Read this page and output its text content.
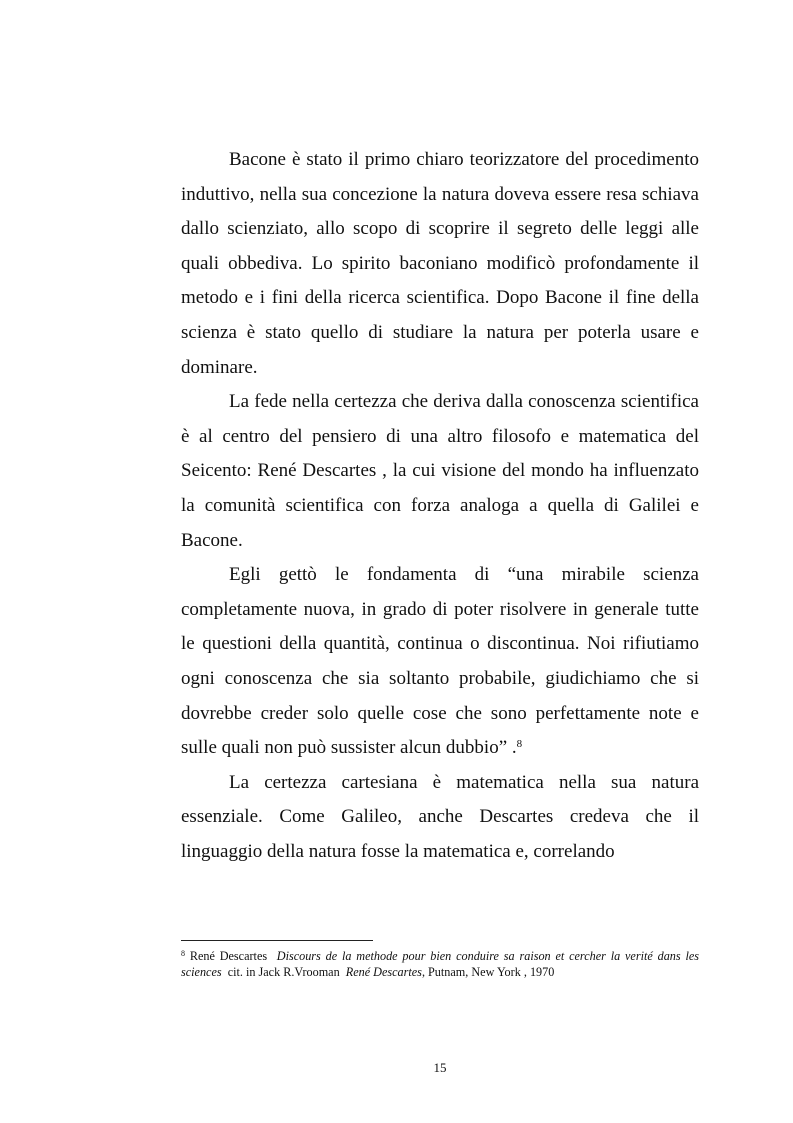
Bacone è stato il primo chiaro teorizzatore del procedimento induttivo, nella sua concezione la natura doveva essere resa schiava dallo scienziato, allo scopo di scoprire il segreto delle leggi alle quali obbediva. Lo spirito baconiano modificò profondamente il metodo e i fini della ricerca scientifica. Dopo Bacone il fine della scienza è stato quello di studiare la natura per poterla usare e dominare.

La fede nella certezza che deriva dalla conoscenza scientifica è al centro del pensiero di una altro filosofo e matematica del Seicento: René Descartes , la cui visione del mondo ha influenzato la comunità scientifica con forza analoga a quella di Galilei e Bacone.

Egli gettò le fondamenta di “una mirabile scienza completamente nuova, in grado di poter risolvere in generale tutte le questioni della quantità, continua o discontinua. Noi rifiutiamo ogni conoscenza che sia soltanto probabile, giudichiamo che si dovrebbe creder solo quelle cose che sono perfettamente note e sulle quali non può sussister alcun dubbio” .$^8$

La certezza cartesiana è matematica nella sua natura essenziale. Come Galileo, anche Descartes credeva che il linguaggio della natura fosse la matematica e, correlando

$^8$ René Descartes Discours de la methode pour bien conduire sa raison et cercher la verité dans les sciences cit. in Jack R.Vrooman René Descartes, Putnam, New York , 1970
15
